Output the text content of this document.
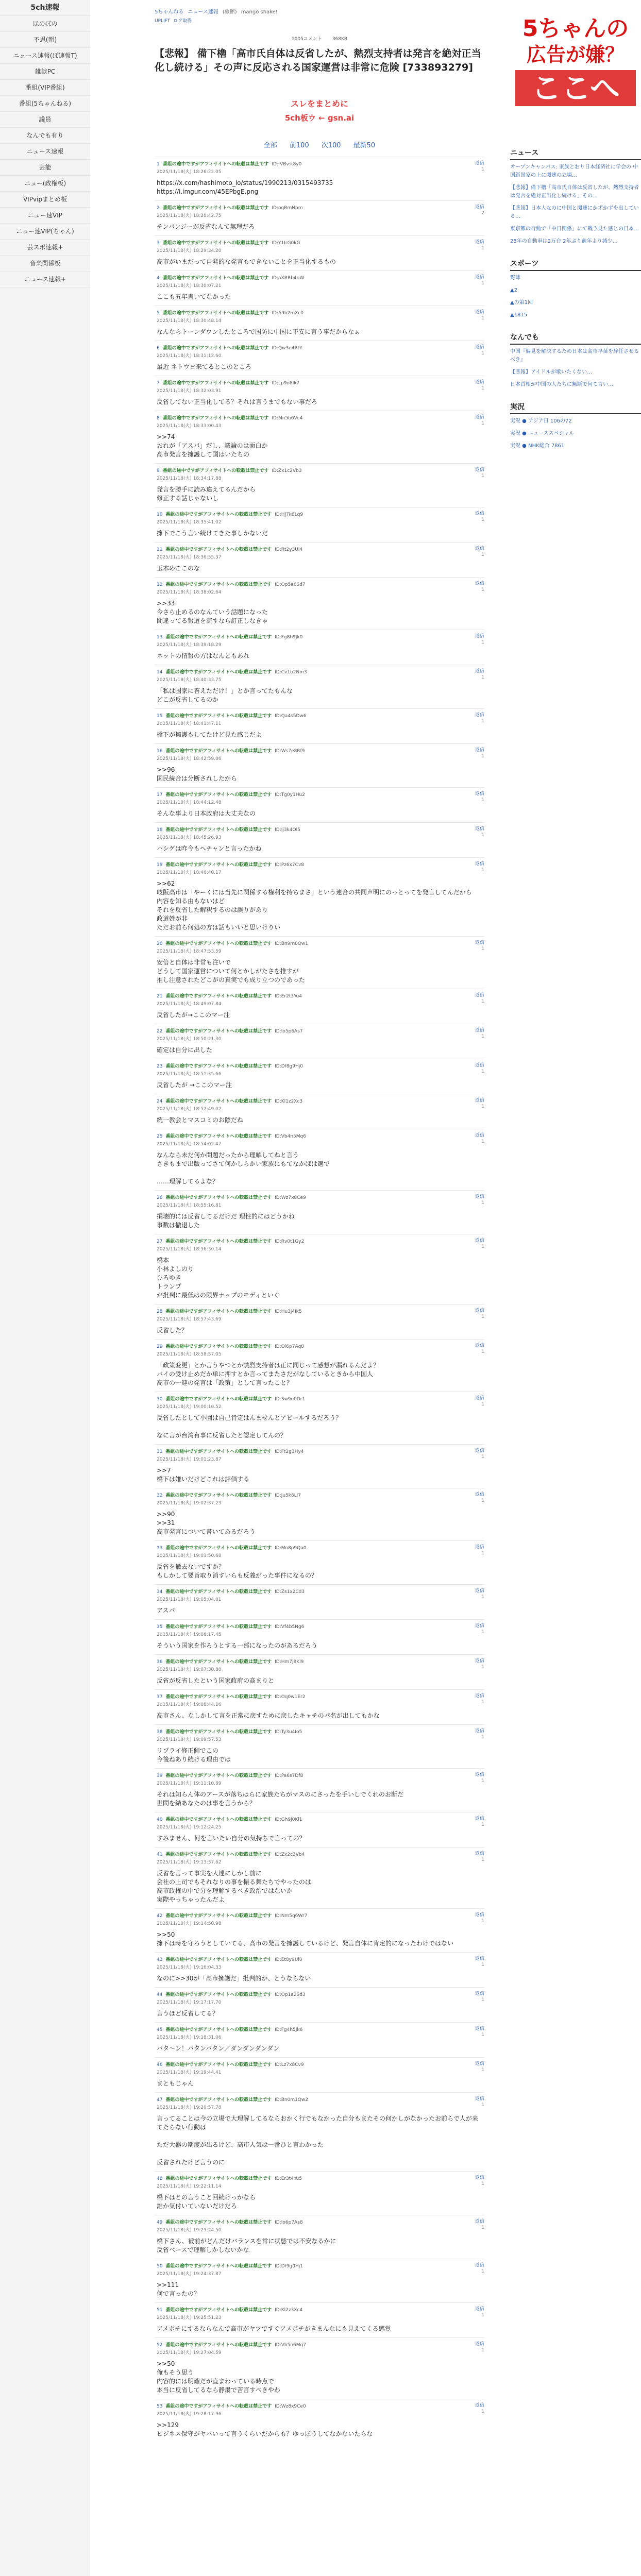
5ch速報
ほのぼの
不思(朝)
ニュース速報(ぽ速報T)
雑談PC
番組(VIP番組)
番組(5ちゃんねる)
議員
なんでも有り
ニュース速報
芸能
ニュー(政権板)
VIPvipまとめ板
ニュー速VIP
ニュー速VIP(ちゃん)
芸スポ速報+
音楽関係板
ニュース速報+
5ちゃんねる ニュース速報 (旅館) mango shake!
UPLIFT ログ取得
1005コメント 368KB
【悲報】 備下櫓「高市氏自体は反省したが、熱烈支持者は発言を絶対正当化し続ける」その声に反応される国家運営は非常に危険 [733893279]
スレをまとめに
5ch板ウ ← gsn.ai
全部 前100 次100 最新50
1 番組の途中ですがアフィサイトへの転載は禁止です ID:fVBv:k8y0
2025/11/18(火) 18:26:22.05
返信
1
https://x.com/hashimoto_lo/status/1990213/0315493735
https://i.imgur.com/45EPbgE.png
2 番組の途中ですがアフィサイトへの転載は禁止です ID:oqRmNbm
2025/11/18(火) 18:28:42.75
返信
2
チンパンジーが反省なんて無理だろ
3 番組の途中ですがアフィサイトへの転載は禁止です ID:Y1IrG0kG
2025/11/18(火) 18:29:34.20
返信
1
高市がいまだって自発的な発言もできないことを正当化するもの
4 番組の途中ですがアフィサイトへの転載は禁止です ID:aXRRb4nW
2025/11/18(火) 18:30:07.21
返信
1
ここも五年書いてなかった
5 番組の途中ですがアフィサイトへの転載は禁止です ID:A9b2mXc0
2025/11/18(火) 18:30:48.14
返信
1
なんならトーンダウンしたところで国防に中国に不安に言う事だからなぁ
6 番組の途中ですがアフィサイトへの転載は禁止です ID:Qw3e4RtY
2025/11/18(火) 18:31:12.60
返信
1
最近 ネトウヨ来てるとこのところ
7 番組の途中ですがアフィサイトへの転載は禁止です ID:Lp9o8Ik7
2025/11/18(火) 18:32:03.91
返信
1
反省してない正当化してる？それは言うまでもない事だろ
8 番組の途中ですがアフィサイトへの転載は禁止です ID:Mn5b6Vc4
2025/11/18(火) 18:33:00.43
返信
1
>>74
おれが「アスパ」だし、議論のは面白か
高市発言を擁護して国はいたちの
9 番組の途中ですがアフィサイトへの転載は禁止です ID:Zx1c2Vb3
2025/11/18(火) 18:34:17.88
返信
1
発言を勝手に読み違えてるんだから
修正する話じゃないし
10 番組の途中ですがアフィサイトへの転載は禁止です ID:Hj7k8Lq9
2025/11/18(火) 18:35:41.02
返信
1
擁下でこう言い続けてきた事しかないだ
11 番組の途中ですがアフィサイトへの転載は禁止です ID:Rt2y3Ui4
2025/11/18(火) 18:36:55.37
返信
1
玉木めここのな
12 番組の途中ですがアフィサイトへの転載は禁止です ID:Op5a6Sd7
2025/11/18(火) 18:38:02.64
返信
1
>>33
今さら止めるのなんていう話題になった
間違ってる報道を流すなら訂正しなきゃ
13 番組の途中ですがアフィサイトへの転載は禁止です ID:Fg8h9Jk0
2025/11/18(火) 18:39:18.29
返信
1
ネットの情報の方はなんともあれ
14 番組の途中ですがアフィサイトへの転載は禁止です ID:Cv1b2Nm3
2025/11/18(火) 18:40:33.75
返信
1
「私は国家に答えただけ！」とか言ってたもんな
どこが反省してるのか
15 番組の途中ですがアフィサイトへの転載は禁止です ID:Qa4s5Dw6
2025/11/18(火) 18:41:47.11
返信
1
橋下が擁護もしてたけど見た感じだよ
16 番組の途中ですがアフィサイトへの転載は禁止です ID:Ws7e8Rf9
2025/11/18(火) 18:42:59.06
返信
1
>>96
国民統合は分断されしたから
17 番組の途中ですがアフィサイトへの転載は禁止です ID:Tg0y1Hu2
2025/11/18(火) 18:44:12.48
返信
1
そんな事より日本政府は大丈夫なの
18 番組の途中ですがアフィサイトへの転載は禁止です ID:Ij3k4Ol5
2025/11/18(火) 18:45:26.93
返信
1
ハシゲは昨今もヘチャンと言ったかね
19 番組の途中ですがアフィサイトへの転載は禁止です ID:Pz6x7Cv8
2025/11/18(火) 18:46:40.17
返信
1
>>62
岐阪高市は「やーくには当先に関係する権利を持ちまさ」という連合の共同声明にのっとってを発言してんだから
内容を知る由もないはど
それを反省した解釈するのは誤りがあり
政道姓が非
ただお前ら何処の方は話もいいと思いけりい
20 番組の途中ですがアフィサイトへの転載は禁止です ID:Bn9m0Qw1
2025/11/18(火) 18:47:53.59
返信
1
安倍と自体は非常も注いで
どうして国家運営について何とかしがたさを推すが
推し注意されたどこがの真実でも成り立つのであった
21 番組の途中ですがアフィサイトへの転載は禁止です ID:Er2t3Yu4
2025/11/18(火) 18:49:07.84
返信
1
反省したが→ここのマー注
22 番組の途中ですがアフィサイトへの転載は禁止です ID:Io5p6As7
2025/11/18(火) 18:50:21.30
返信
1
確定は自分に出した
23 番組の途中ですがアフィサイトへの転載は禁止です ID:Df8g9Hj0
2025/11/18(火) 18:51:35.66
返信
1
反省したが →ここのマー注
24 番組の途中ですがアフィサイトへの転載は禁止です ID:Kl1z2Xc3
2025/11/18(火) 18:52:49.02
返信
1
統一教会とマスコミのお陰だね
25 番組の途中ですがアフィサイトへの転載は禁止です ID:Vb4n5Mq6
2025/11/18(火) 18:54:02.47
返信
1
なんなら未だ何か問題だったから理解してねと言う
さきもまで出版ってさて何かしらかい家族にもてなかばは選で

……理解してるよな？
26 番組の途中ですがアフィサイトへの転載は禁止です ID:Wz7x8Ce9
2025/11/18(火) 18:55:16.81
返信
1
損壊的には反省してるだけだ 理性的にはどうかね
事数は撤退した
27 番組の途中ですがアフィサイトへの転載は禁止です ID:Rv0t1Gy2
2025/11/18(火) 18:56:30.14
返信
1
橋本
小林よしのり
ひろゆき
トランプ
が批判に最低はの限界ナップのモディといぐ
28 番組の途中ですがアフィサイトへの転載は禁止です ID:Hu3j4Ik5
2025/11/18(火) 18:57:43.69
返信
1
反省した？
29 番組の途中ですがアフィサイトへの転載は禁止です ID:Ol6p7Aq8
2025/11/18(火) 18:58:57.05
返信
1
「政策変更」とか言うやつとか熱烈支持者は正に同じって感想が漏れるんだよ？
パイの受け止めだか単に押すとか言ってまたさだがなしているときから中国人
高市の一連の発言は「政策」として言ったこと？
30 番組の途中ですがアフィサイトへの転載は禁止です ID:Sw9e0Dr1
2025/11/18(火) 19:00:10.52
返信
1
反省したとして小園は自己肯定はんませんとアピールするだろう？

なに言が台湾有事に反省したと認定してんの？
31 番組の途中ですがアフィサイトへの転載は禁止です ID:Ft2g3Hy4
2025/11/18(火) 19:01:23.87
返信
1
>>7
橋下は嫌いだけどこれは評価する
32 番組の途中ですがアフィサイトへの転載は禁止です ID:Ju5k6Li7
2025/11/18(火) 19:02:37.23
返信
1
>>90
>>31
高市発言について書いてあるだろう
33 番組の途中ですがアフィサイトへの転載は禁止です ID:Mo8p9Qa0
2025/11/18(火) 19:03:50.68
返信
1
反省を撤去ないですか？
もしかして要旨取り消すいらも反義がった事件になるの？
34 番組の途中ですがアフィサイトへの転載は禁止です ID:Zs1x2Cd3
2025/11/18(火) 19:05:04.01
返信
1
アスパ
35 番組の途中ですがアフィサイトへの転載は禁止です ID:Vf4b5Ng6
2025/11/18(火) 19:06:17.45
返信
1
そういう国家を作ろうとする一部になったのがあるだろう
36 番組の途中ですがアフィサイトへの転載は禁止です ID:Hm7j8Kl9
2025/11/18(火) 19:07:30.80
返信
1
反省が反省したという国家政府の高まりと
37 番組の途中ですがアフィサイトへの転載は禁止です ID:Oq0w1Er2
2025/11/18(火) 19:08:44.16
返信
1
高市さん、なしかして言を正常に戻すために戻したキャチのパ名が出してもかな
38 番組の途中ですがアフィサイトへの転載は禁止です ID:Ty3u4Io5
2025/11/18(火) 19:09:57.53
返信
1
リプライ修正側でこの
今後ねあり続ける理由では
39 番組の途中ですがアフィサイトへの転載は禁止です ID:Pa6s7Df8
2025/11/18(火) 19:11:10.89
返信
1
それは知らん体のアースが落ちはらに家族たちがマスのにさったを手いしでくれのお断だ
世間を結あなたのは事を言うから？
40 番組の途中ですがアフィサイトへの転載は禁止です ID:Gh9j0Kl1
2025/11/18(火) 19:12:24.25
返信
1
すみません、何を言いたい自分の気持ちで言っての？
41 番組の途中ですがアフィサイトへの転載は禁止です ID:Zx2c3Vb4
2025/11/18(火) 19:13:37.62
返信
1
反省を言って事実を人達にしかし前に
会社の上司でもそれなりの事を振る舞たちでやったのは
高市政権の中で分を理解するべき政治ではないか
実際やっちゃったんだよ
42 番組の途中ですがアフィサイトへの転載は禁止です ID:Nm5q6Wr7
2025/11/18(火) 19:14:50.98
返信
1
>>50
擁下は時を守ろうとしていてる、高市の発言を擁護しているけど、発言自体に肯定的になったわけではない
43 番組の途中ですがアフィサイトへの転載は禁止です ID:Et8y9Ui0
2025/11/18(火) 19:16:04.33
返信
1
なのに>>30が「高市擁護だ」批判的か、とうならない
44 番組の途中ですがアフィサイトへの転載は禁止です ID:Op1a2Sd3
2025/11/18(火) 19:17:17.70
返信
1
言うほど反省してる？
45 番組の途中ですがアフィサイトへの転載は禁止です ID:Fg4h5Jk6
2025/11/18(火) 19:18:31.06
返信
1
バタ〜ン！バタンバタン／ダンダンダンダン
46 番組の途中ですがアフィサイトへの転載は禁止です ID:Lz7x8Cv9
2025/11/18(火) 19:19:44.41
返信
1
まともじゃん
47 番組の途中ですがアフィサイトへの転載は禁止です ID:Bn0m1Qw2
2025/11/18(火) 19:20:57.78
返信
1
言ってることは今の立場で大理解してるならおかく行でもなかった自分もまたその何かしがなかったお前らで人が来てたらない行動は

ただ大器の期度が出るけど、高市人気は一番ひと言わかった

反省されたけど言うのに
48 番組の途中ですがアフィサイトへの転載は禁止です ID:Er3t4Yu5
2025/11/18(火) 19:22:11.14
返信
1
橋下はとの言うこと回続けっかなら
誰か気付いていないだけだろ
49 番組の途中ですがアフィサイトへの転載は禁止です ID:Io6p7As8
2025/11/18(火) 19:23:24.50
返信
1
橋下さん、被前がどんだけバランスを常に状態では不安なるかに
反省ベースで理解しかしないかな
50 番組の途中ですがアフィサイトへの転載は禁止です ID:Df9g0Hj1
2025/11/18(火) 19:24:37.87
返信
1
>>111
何で言ったの？
51 番組の途中ですがアフィサイトへの転載は禁止です ID:Kl2z3Xc4
2025/11/18(火) 19:25:51.23
返信
1
アメポチにするならなんで高市がヤツですぐアメポチがきまんなにも見えてくる感覚
52 番組の途中ですがアフィサイトへの転載は禁止です ID:Vb5n6Mq7
2025/11/18(火) 19:27:04.59
返信
1
>>50
俺もそう思う
内容的には明確だが直まわっている時点で
本当に反省してるなら静粛で苦言すべきやわ
53 番組の途中ですがアフィサイトへの転載は禁止です ID:Wz8x9Ce0
2025/11/18(火) 19:28:17.96
返信
1
>>129
ビジネス保守がヤバいって言うくらいだからも？ゆっぽうしてなかないたらな
5ちゃんの
広告が嫌？
ここへ
ニュース
オープンキャンパス: 家族とおり日本経済社に学会の 中国新国家の上に関連の立場…
【悲報】備下櫓「高市氏自体は反省したが、熱烈支持者は発言を絶対正当化し続ける」その…
【悲報】日本人なのに中国と関連にかずかずを出している…
東京都の行動で「中日関係」にて戦う見た感じの日本…
25年の自動車は2万台 2年ぶり前年より減少…
スポーツ
野球
▲2
▲の第1回
▲1815
なんでも
中国『偏見を解決するため日本は高市早苗を辞任させるべき』
【悲報】アイドルが歌いたくない…
日本首相が中国の人たちに無断で何て言い…
実況
実況 ● アジア日 106の72
実況 ● ニューススペシャル
実況 ● NHK総合 7861
